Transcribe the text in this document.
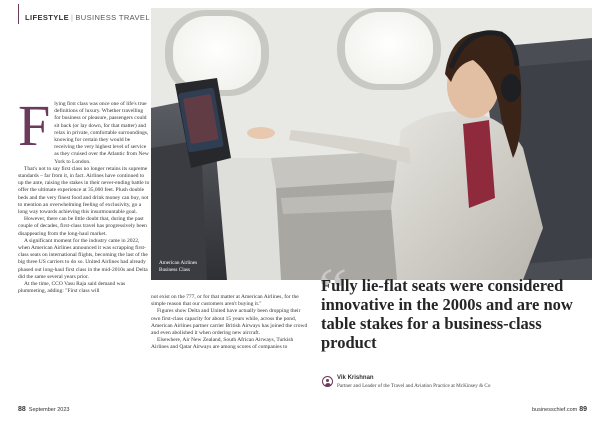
LIFESTYLE | BUSINESS TRAVEL
American Airlines
Business Class
F lying first class was once one of life's true definitions of luxury. Whether travelling for business or pleasure, passengers could sit back (or lay down, for that matter) and relax in private, comfortable surroundings, knowing for certain they would be receiving the very highest level of service as they cruised over the Atlantic from New York to London.

That's not to say first class no longer retains its supreme standards – far from it, in fact. Airlines have continued to up the ante, raising the stakes in their never-ending battle to offer the ultimate experience at 35,000 feet. Plush double beds and the very finest food and drink money can buy, not to mention an overwhelming feeling of exclusivity, go a long way towards achieving this insurmountable goal.

However, there can be little doubt that, during the past couple of decades, first-class travel has progressively been disappearing from the long-haul market.

A significant moment for the industry came in 2022, when American Airlines announced it was scrapping first-class seats on international flights, becoming the last of the big three US carriers to do so. United Airlines had already phased out long-haul first class in the mid-2010s and Delta did the same several years prior.

At the time, CCO Vasu Raja said demand was plummeting, adding: "First class will

not exist on the 777, or for that matter at American Airlines, for the simple reason that our customers aren't buying it."

Figures show Delta and United have actually been dropping their own first-class capacity for about 15 years while, across the pond, American Airlines partner carrier British Airways has joined the crowd and even abolished it when ordering new aircraft.

Elsewhere, Air New Zealand, South African Airways, Turkish Airlines and Qatar Airways are among scores of companies to

“
Fully lie-flat seats were considered innovative in the 2000s and are now table stakes for a business-class product
Vik Krishnan
Partner and Leader of the Travel and Aviation Practice at McKinsey & Co
88 September 2023	businesschief.com 89
